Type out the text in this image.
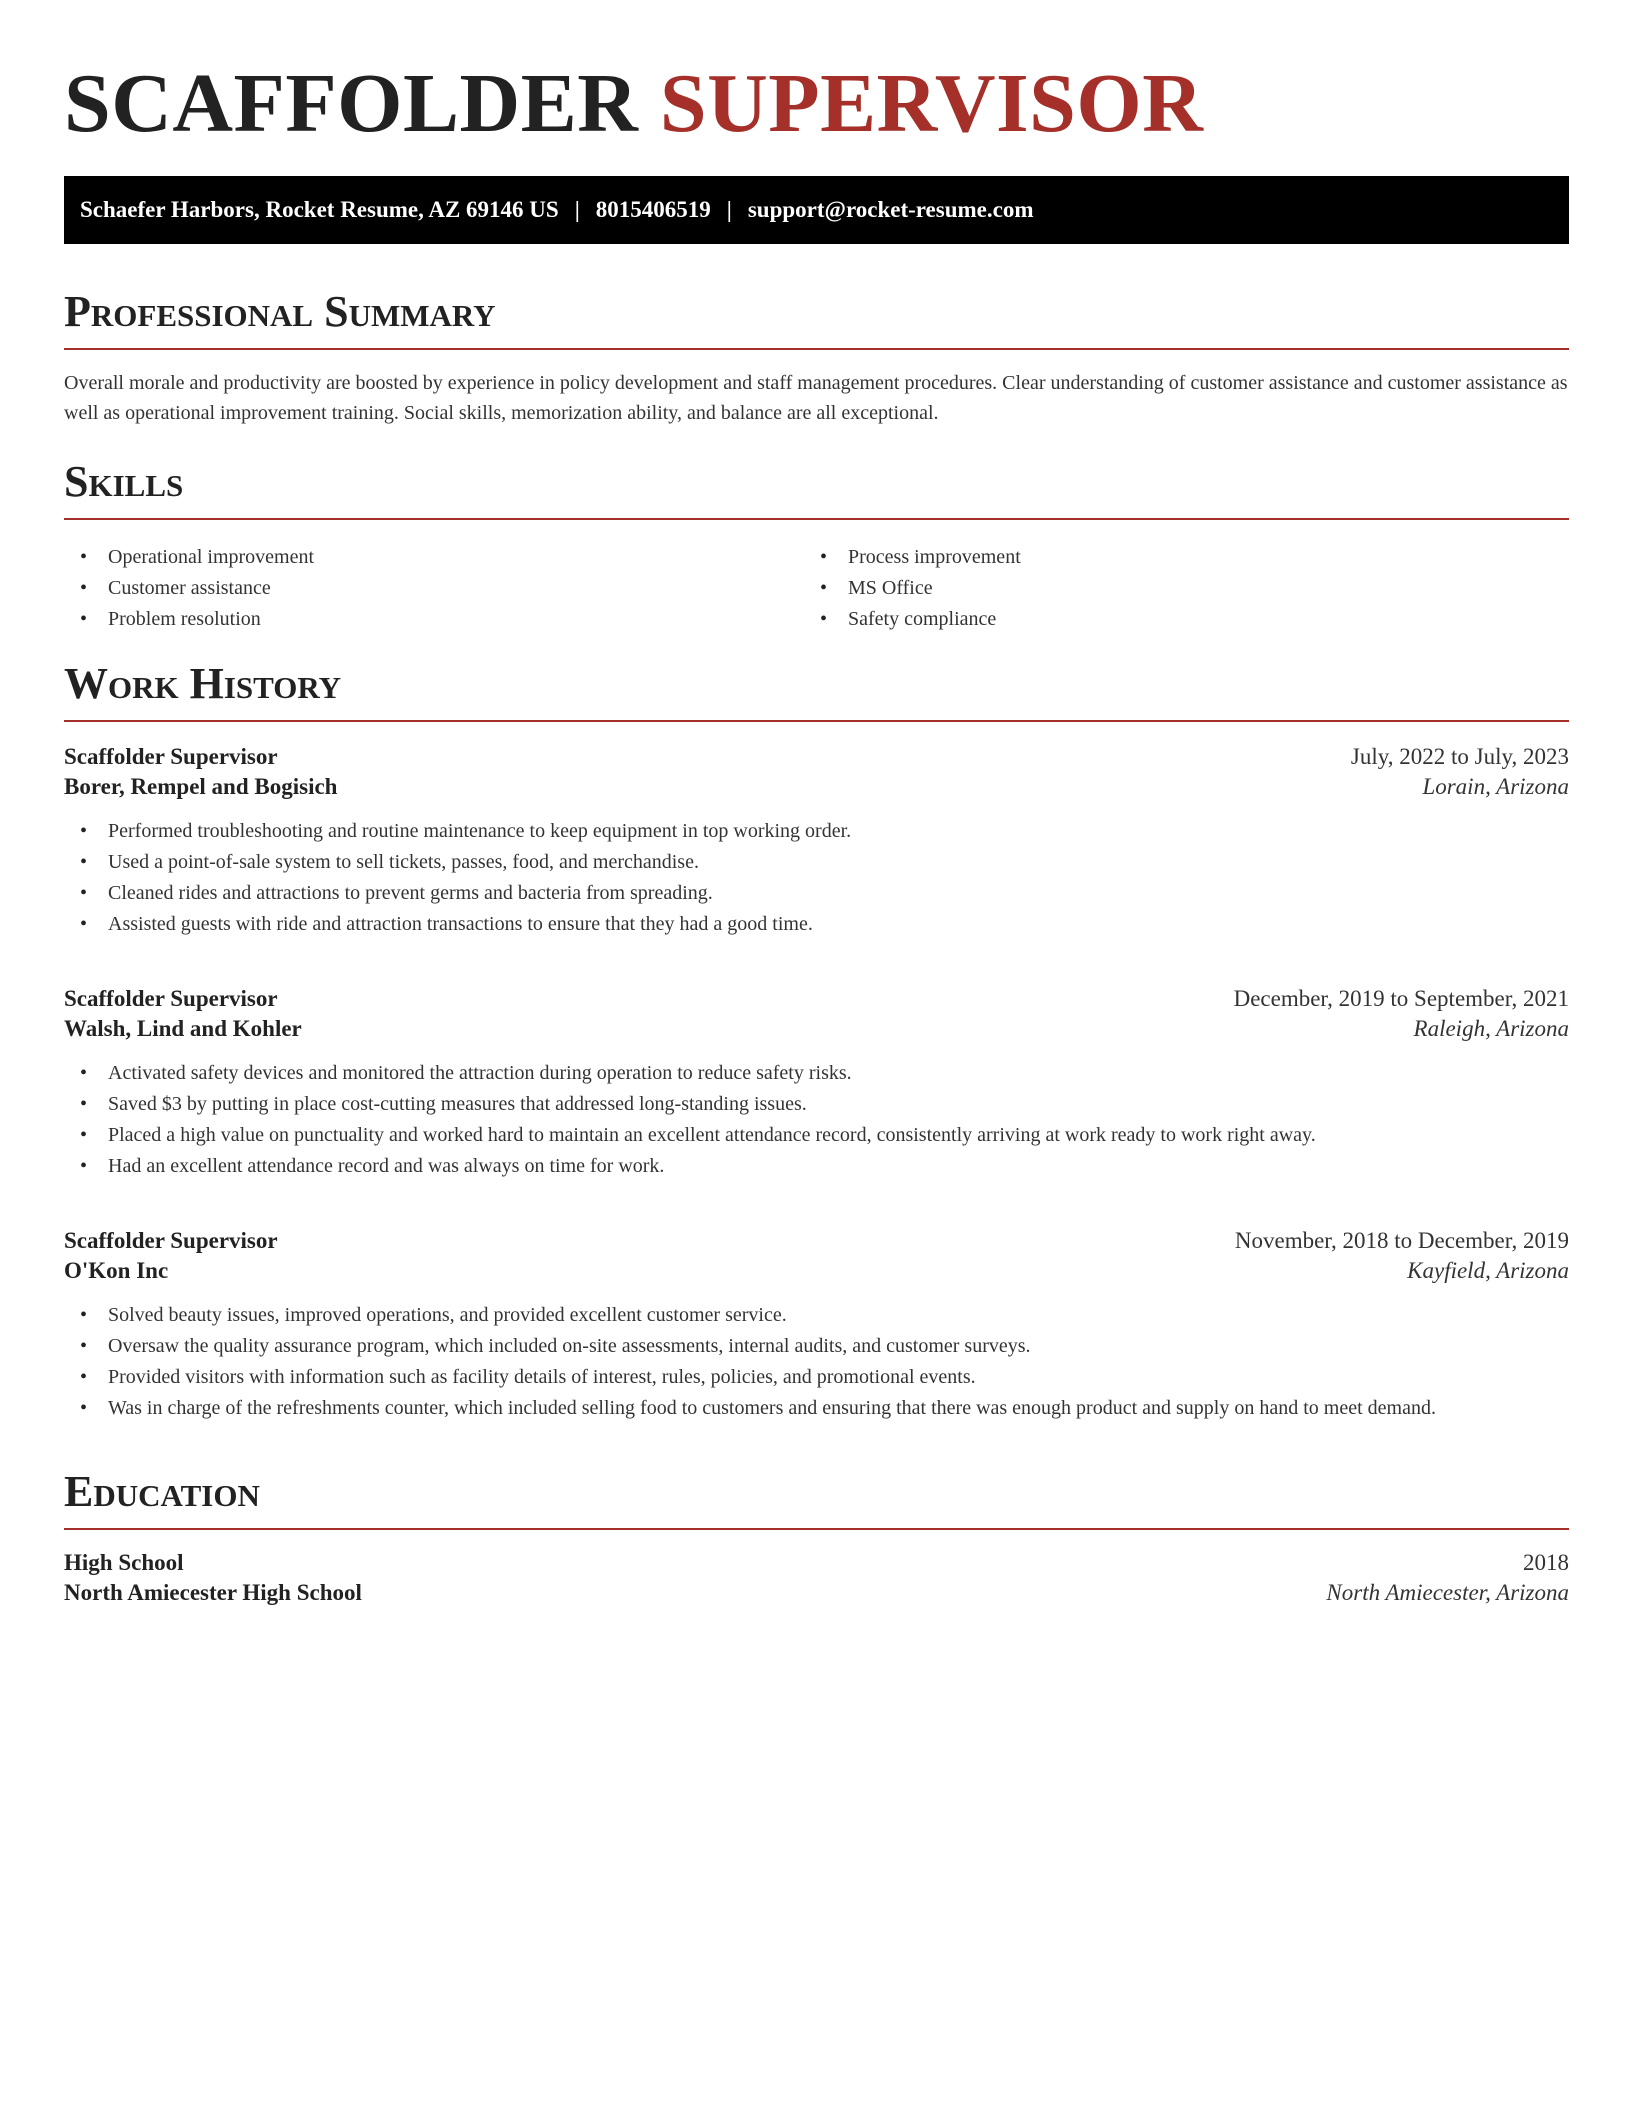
SCAFFOLDER SUPERVISOR
Schaefer Harbors, Rocket Resume, AZ 69146 US | 8015406519 | support@rocket-resume.com
Professional Summary

Overall morale and productivity are boosted by experience in policy development and staff management procedures. Clear understanding of customer assistance and customer assistance as well as operational improvement training. Social skills, memorization ability, and balance are all exceptional.

Skills
• Operational improvement
• Customer assistance
• Problem resolution
• Process improvement
• MS Office
• Safety compliance
Work History
Scaffolder Supervisor	July, 2022 to July, 2023
Borer, Rempel and Bogisich	Lorain, Arizona
• Performed troubleshooting and routine maintenance to keep equipment in top working order.
• Used a point-of-sale system to sell tickets, passes, food, and merchandise.
• Cleaned rides and attractions to prevent germs and bacteria from spreading.
• Assisted guests with ride and attraction transactions to ensure that they had a good time.
Scaffolder Supervisor	December, 2019 to September, 2021
Walsh, Lind and Kohler	Raleigh, Arizona
• Activated safety devices and monitored the attraction during operation to reduce safety risks.
• Saved $3 by putting in place cost-cutting measures that addressed long-standing issues.
• Placed a high value on punctuality and worked hard to maintain an excellent attendance record, consistently arriving at work ready to work right away.
• Had an excellent attendance record and was always on time for work.
Scaffolder Supervisor	November, 2018 to December, 2019
O'Kon Inc	Kayfield, Arizona
• Solved beauty issues, improved operations, and provided excellent customer service.
• Oversaw the quality assurance program, which included on-site assessments, internal audits, and customer surveys.
• Provided visitors with information such as facility details of interest, rules, policies, and promotional events.
• Was in charge of the refreshments counter, which included selling food to customers and ensuring that there was enough product and supply on hand to meet demand.
Education
High School	2018
North Amiecester High School	North Amiecester, Arizona
